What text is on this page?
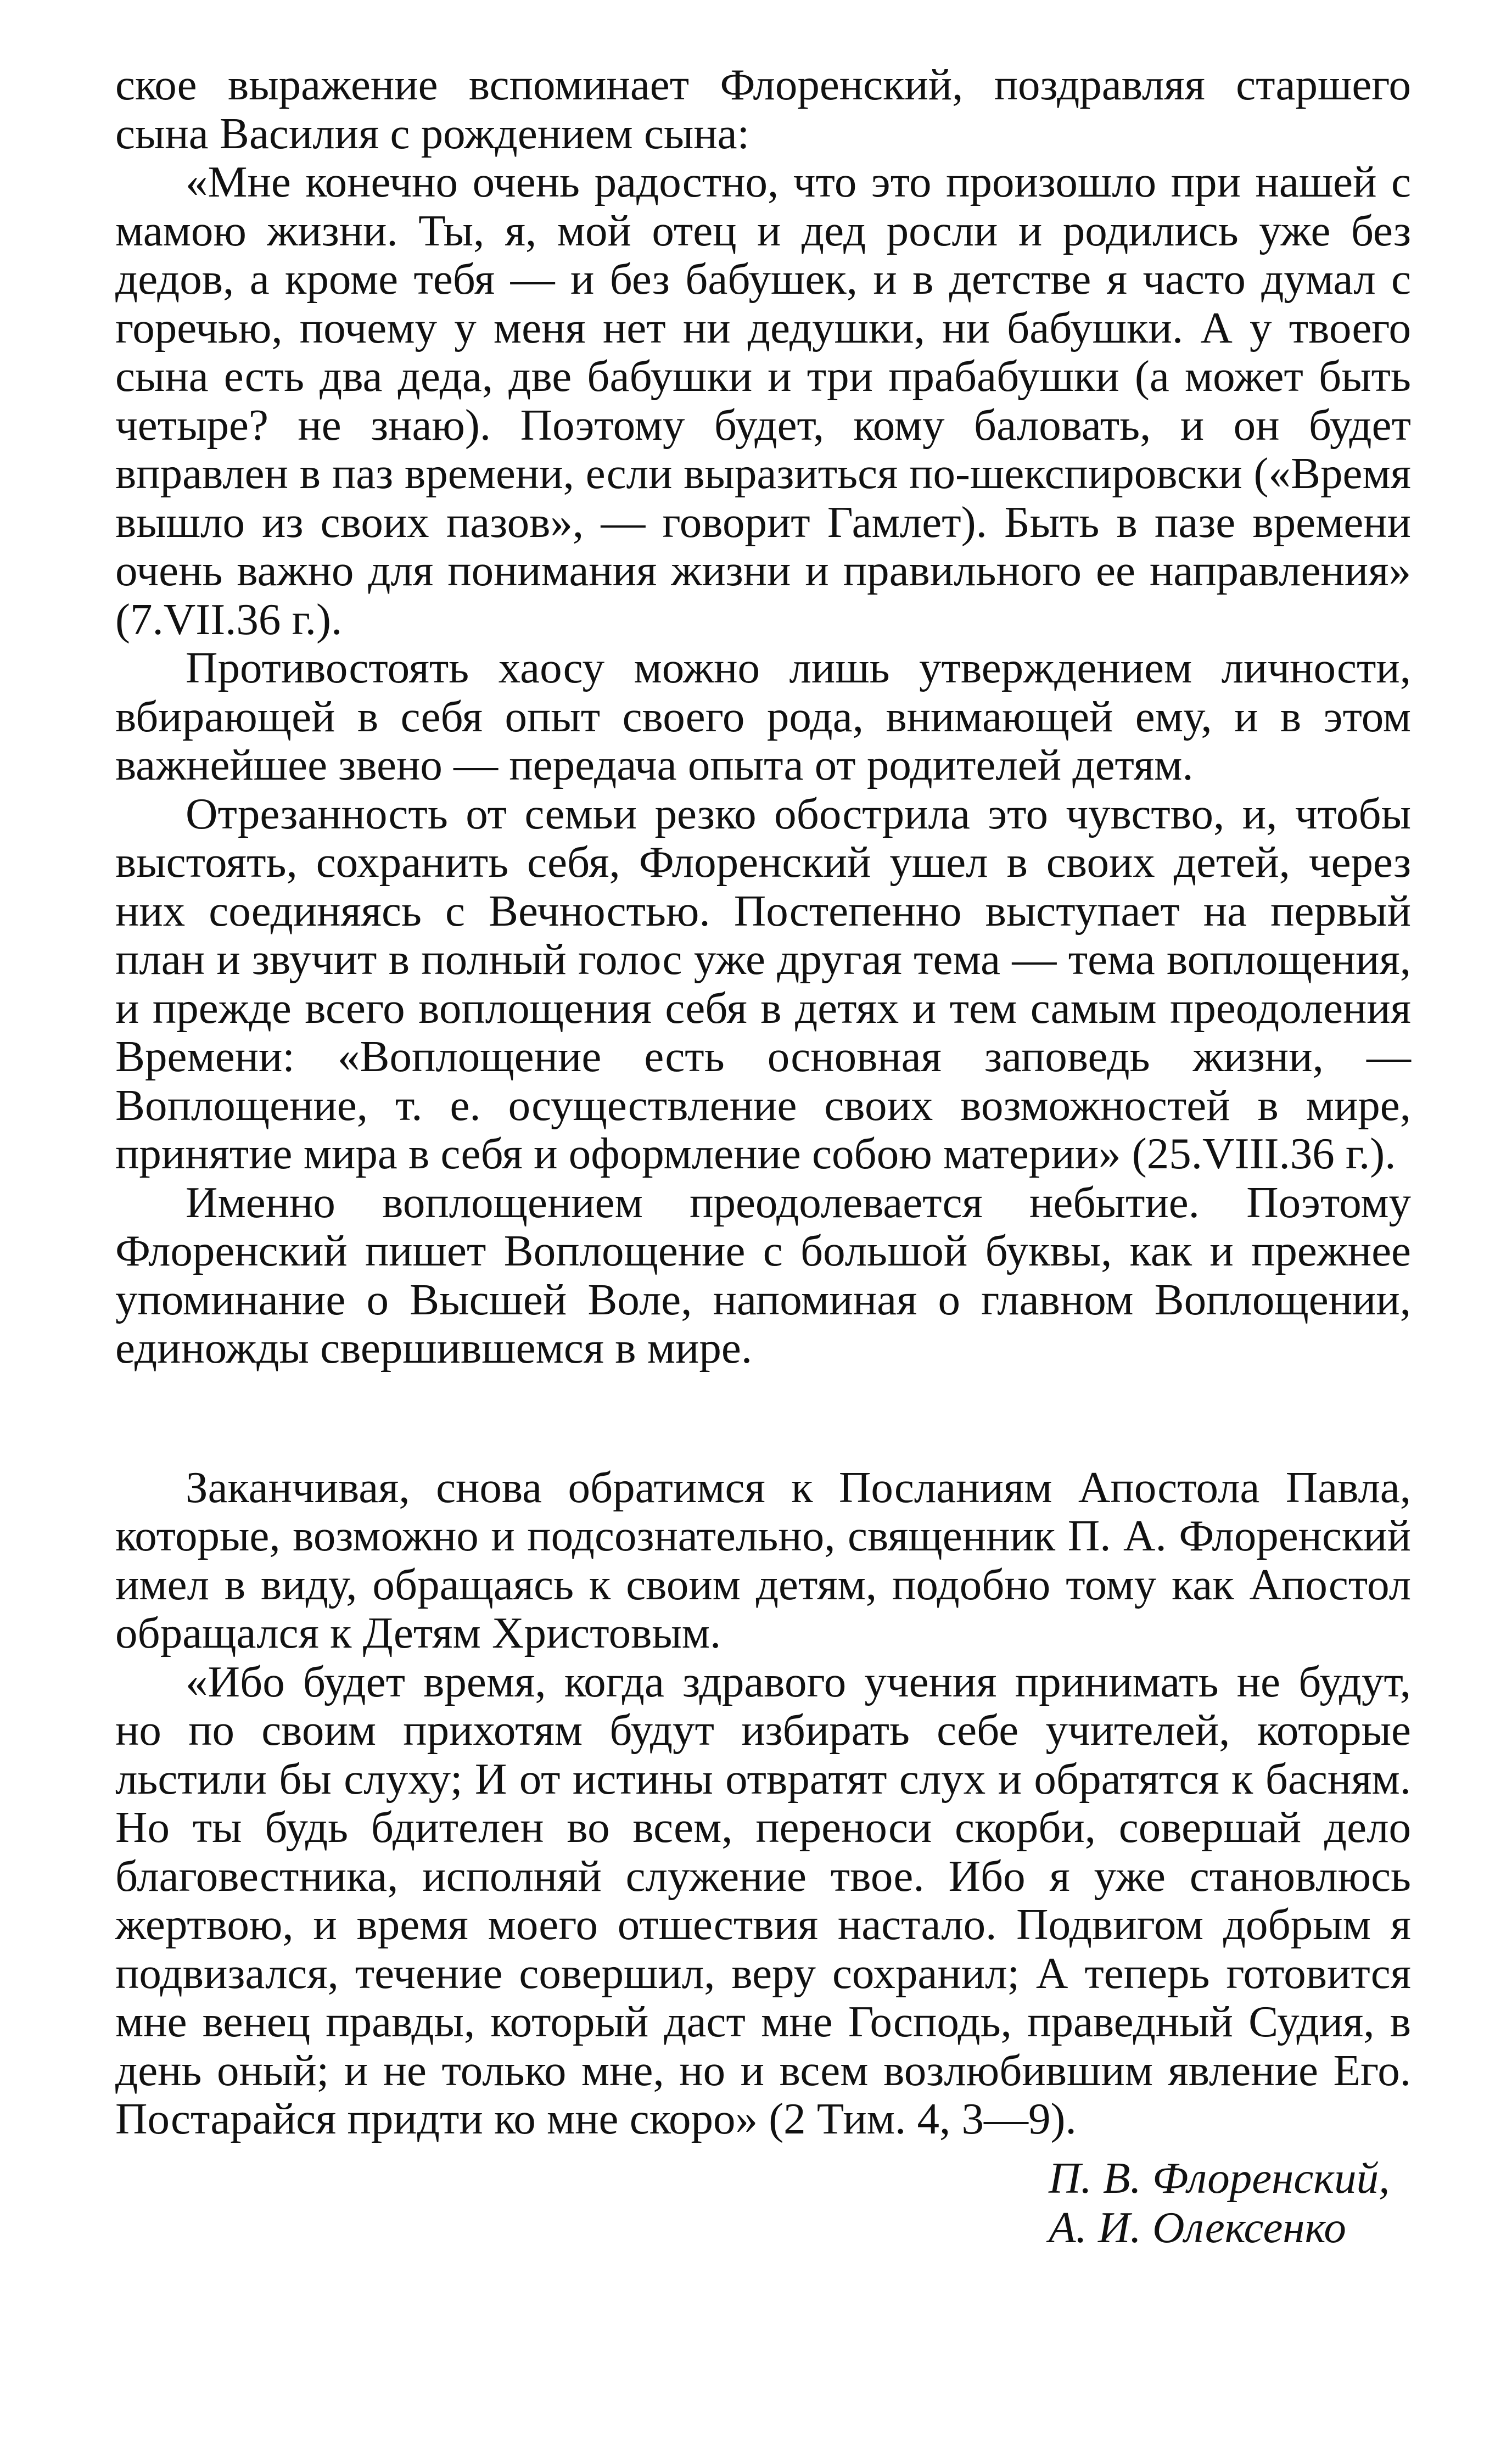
ское выражение вспоминает Флоренский, поздравляя старшего сына Василия с рождением сына:

«Мне конечно очень радостно, что это произошло при нашей с мамою жизни. Ты, я, мой отец и дед росли и родились уже без дедов, а кроме тебя — и без бабушек, и в детстве я часто думал с горечью, почему у меня нет ни дедушки, ни бабушки. А у твоего сына есть два деда, две бабушки и три прабабушки (а может быть четыре? не знаю). Поэтому будет, кому баловать, и он будет вправлен в паз времени, если выразиться по-шекспировски («Время вышло из своих пазов», — говорит Гамлет). Быть в пазе времени очень важно для понимания жизни и правильного ее направления» (7.VII.36 г.).

Противостоять хаосу можно лишь утверждением личности, вбирающей в себя опыт своего рода, внимающей ему, и в этом важнейшее звено — передача опыта от родителей детям.

Отрезанность от семьи резко обострила это чувство, и, чтобы выстоять, сохранить себя, Флоренский ушел в своих детей, через них соединяясь с Вечностью. Постепенно выступает на первый план и звучит в полный голос уже другая тема — тема воплощения, и прежде всего воплощения себя в детях и тем самым преодоления Времени: «Воплощение есть основная заповедь жизни, — Воплощение, т. е. осуществление своих возможностей в мире, принятие мира в себя и оформление собою материи» (25.VIII.36 г.).

Именно воплощением преодолевается небытие. Поэтому Флоренский пишет Воплощение с большой буквы, как и прежнее упоминание о Высшей Воле, напоминая о главном Воплощении, единожды свершившемся в мире.

Заканчивая, снова обратимся к Посланиям Апостола Павла, которые, возможно и подсознательно, священник П. А. Флоренский имел в виду, обращаясь к своим детям, подобно тому как Апостол обращался к Детям Христовым.

«Ибо будет время, когда здравого учения принимать не будут, но по своим прихотям будут избирать себе учителей, которые льстили бы слуху; И от истины отвратят слух и обратятся к басням. Но ты будь бдителен во всем, переноси скорби, совершай дело благовестника, исполняй служение твое. Ибо я уже становлюсь жертвою, и время моего отшествия настало. Подвигом добрым я подвизался, течение совершил, веру сохранил; А теперь готовится мне венец правды, который даст мне Господь, праведный Судия, в день оный; и не только мне, но и всем возлюбившим явление Его. Постарайся придти ко мне скоро» (2 Тим. 4, 3—9).

П. В. Флоренский,
А. И. Олексенко
